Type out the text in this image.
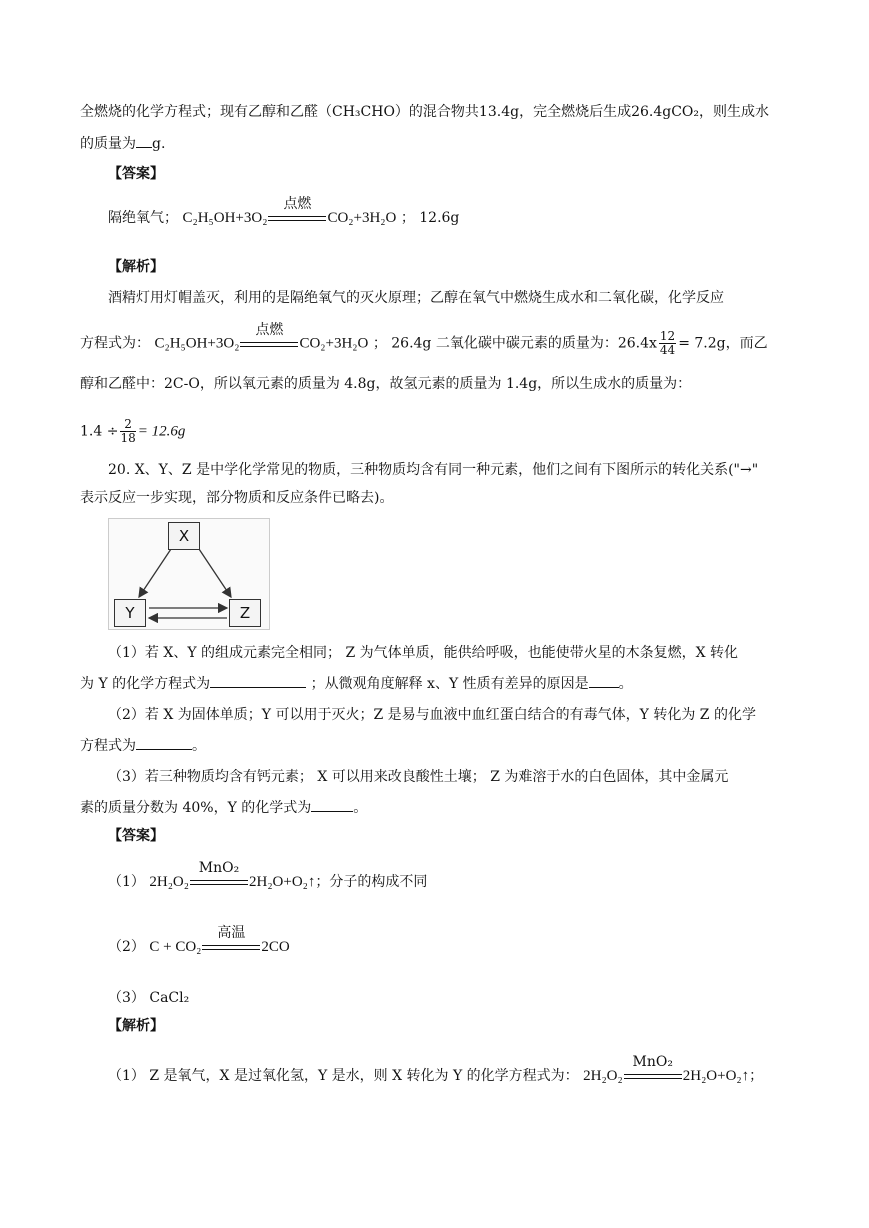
全燃烧的化学方程式；现有乙醇和乙醛（CH₃CHO）的混合物共13.4g，完全燃烧后生成26.4gCO₂，则生成水
的质量为 g.
【答案】
隔绝氧气； C₂H₅OH+3O₂
点燃
CO₂+3H₂O ； 12.6g
【解析】
酒精灯用灯帽盖灭，利用的是隔绝氧气的灭火原理；乙醇在氧气中燃烧生成水和二氧化碳，化学反应
方程式为： C₂H₅OH+3O₂
点燃
CO₂+3H₂O ； 26.4g 二氧化碳中碳元素的质量为：$26.4x \frac{12}{44} = 7.2g$，而乙
醇和乙醛中：2C-O，所以氧元素的质量为 4.8g，故氢元素的质量为 1.4g，所以生成水的质量为：
$1.4 \div \frac{2}{18} = 12.6g$
20. X、Y、Z 是中学化学常见的物质，三种物质均含有同一种元素，他们之间有下图所示的转化关系("→"
表示反应一步实现，部分物质和反应条件已略去)。
X
Y	Z
（1）若 X、Y 的组成元素完全相同； Z 为气体单质，能供给呼吸，也能使带火星的木条复燃，X 转化
为 Y 的化学方程式为	；从微观角度解释 x、Y 性质有差异的原因是 。
（2）若 X 为固体单质；Y 可以用于灭火；Z 是易与血液中血红蛋白结合的有毒气体，Y 转化为 Z 的化学
方程式为	。
（3）若三种物质均含有钙元素； X 可以用来改良酸性土壤； Z 为难溶于水的白色固体，其中金属元
素的质量分数为 40%，Y 的化学式为	。
【答案】
（1） 2H₂O₂
MnO₂
2H₂O+O₂↑；分子的构成不同
（2） C + CO₂
高温
2CO
（3） CaCl₂
【解析】
（1） Z 是氧气，X 是过氧化氢，Y 是水，则 X 转化为 Y 的化学方程式为： 2H₂O₂
MnO₂
2H₂O+O₂↑；
